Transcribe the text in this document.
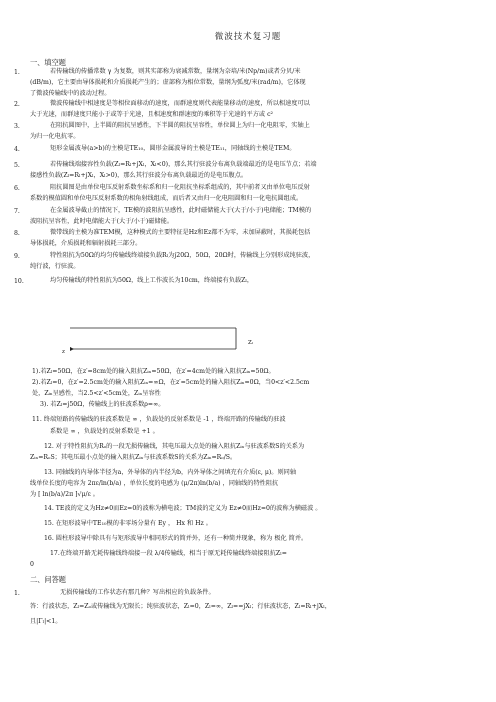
微波技术复习题
一、填空题
1.	若传输线的传播常数 γ 为复数，则其实部称为衰减常数，量纲为奈培/米(Np/m)或者分贝/米
(dB/m)，它主要由导体损耗和介质损耗产生的；虚部称为相位常数，量纲为弧度/米(rad/m)，它体现
了微波传输线中的波动过程。
2.	微波传输线中相速度是等相位面移动的速度，而群速度则代表能量移动的速度，所以相速度可以
大于光速，而群速度只能小于或等于光速，且相速度和群速度的乘积等于光速的平方或 c²
3.	在阻抗圆图中，上半圆的阻抗呈感性，下半圆的阻抗呈容性，单位圆上为归一化电阻零，实轴上
为归一化电抗零。
4.	矩形金属波导(a>b)的主模是TE₁₀，圆形金属波导的主模是TE₁₁，同轴线的主模是TEM。
5.	若传输线端接容性负载(Zₗ=Rₗ+jXₗ，Xₗ<0)，那么其行驻波分布离负载端最近的是电压节点；若端
接感性负载(Zₗ=Rₗ+jXₗ，Xₗ>0)，那么其行驻波分布离负载最近的是电压腹点。
6.	阻抗圆图是由单位电压反射系数坐标系和归一化阻抗坐标系组成的，其中前者又由单位电压反射
系数的模值圆和单位电压反射系数的相角射线组成，而后者又由归一化电阻圆和归一化电抗圆组成。
7.	在金属波导截止的情况下，TE模的波阻抗呈感性，此时磁储能大于(大于/小于)电储能；TM模的
波阻抗呈容性，此时电储能大于(大于/小于)磁储能。
8.	微带线的主模为准TEM模，这种模式的主要特征是Hz和Ez都不为零，未加屏蔽时，其损耗包括
导体损耗，介质损耗和辐射损耗三部分。
9.	特性阻抗为50Ω的均匀传输线终端接负载Rₗ为j20Ω，50Ω，20Ω时，传输线上分别形成纯驻波，
纯行波，行驻波。
10.	均匀传输线的特性阻抗为50Ω，线上工作波长为10cm，终端接有负载Zₗ，
Zₗ
z
1).若Zₗ=50Ω，在z′=8cm处的输入阻抗Zᵢₙ=50Ω，在z′=4cm处的输入阻抗Zᵢₙ=50Ω。
2).若Zₗ=0，在z′=2.5cm处的输入阻抗Zᵢₙ=∞Ω，在z′=5cm处的输入阻抗Zᵢₙ=0Ω，当0<z′<2.5cm
处，Zᵢₙ呈感性，当2.5<z′<5cm处，Zᵢₙ呈容性
3). 若Zₗ=j50Ω，传输线上的驻波系数ρ=∞。
11. 终端短路的传输线的驻波系数是 ∞ ，负载处的反射系数是 -1 ，终端开路的传输线的驻波
系数是 ∞ ，负载处的反射系数是 +1 。
12. 对于特性阻抗为Rₒ的一段无损传输线，其电压最大点处的输入阻抗Zᵢₙ与驻波系数S的关系为
Zᵢₙ=RₒS；其电压最小点处的输入阻抗Zᵢₙ与驻波系数S的关系为Zᵢₙ=Rₒ/S。
13. 同轴线的内导体半径为a，外导体的内半径为b，内外导体之间填充有介质(ε, μ)。则同轴
线单位长度的电容为 2πε/ln(b/a) ，单位长度的电感为 (μ/2π)ln(b/a) ，同轴线的特性阻抗
为 [ ln(b/a)/2π ]√μ/ε 。
14. TE波的定义为Hz≠0而Ez=0的波称为横电波；TM波的定义为 Ez≠0而Hz=0的波称为横磁波 。
15. 在矩形波导中TE₁₀模的非零场分量有 Ey ， Hx 和 Hz 。
16. 圆柱形波导中除具有与矩形波导中相同形式的简并外，还有一种简并现象，称为 极化 简并。
17.在终端开路无耗传输线终端接一段 λ/4传输线，相当于原无耗传输线终端接阻抗Zₗ=
0
二、问答题
1.	无损传输线的工作状态有那几种？写出相应的负载条件。
答：行波状态，Zₗ=Zₒ或传输线为无限长；纯驻波状态，Zₗ=0，Zₗ=∞，Zₗ==jXₗ；行驻波状态，Zₗ=Rₗ+jXₗ，
且|Γₗ|<1。
